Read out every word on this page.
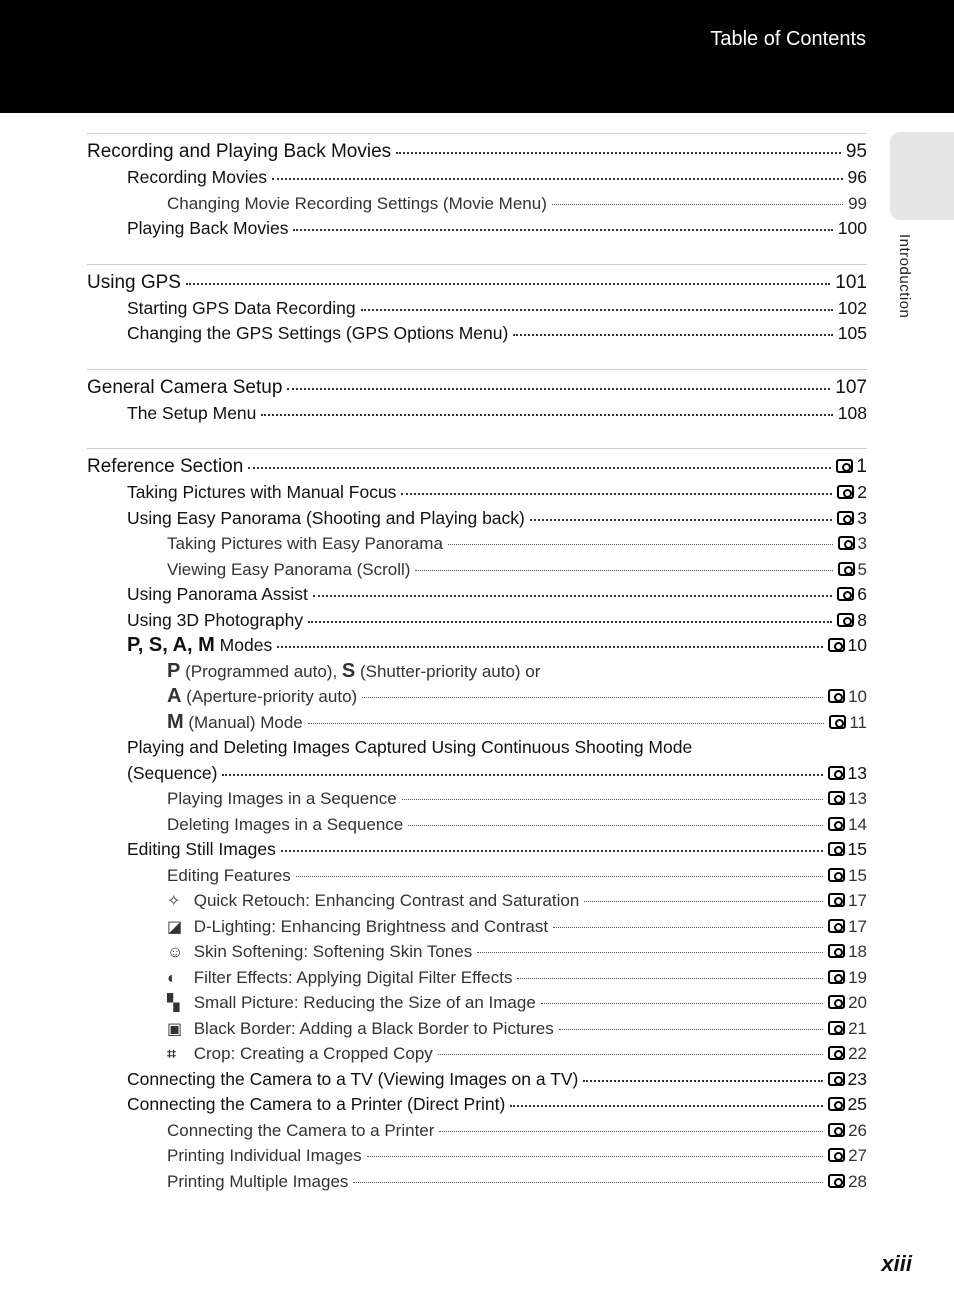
Table of Contents
Introduction
Recording and Playing Back Movies	95
Recording Movies	96
Changing Movie Recording Settings (Movie Menu)	99
Playing Back Movies	100
Using GPS	101
Starting GPS Data Recording	102
Changing the GPS Settings (GPS Options Menu)	105
General Camera Setup	107
The Setup Menu	108
Reference Section	1
Taking Pictures with Manual Focus	2
Using Easy Panorama (Shooting and Playing back)	3
Taking Pictures with Easy Panorama	3
Viewing Easy Panorama (Scroll)	5
Using Panorama Assist	6
Using 3D Photography	8
P, S, A, M Modes	10
P (Programmed auto), S (Shutter-priority auto) or
A (Aperture-priority auto)	10
M (Manual) Mode	11
Playing and Deleting Images Captured Using Continuous Shooting Mode
(Sequence)	13
Playing Images in a Sequence	13
Deleting Images in a Sequence	14
Editing Still Images	15
Editing Features	15
✧ Quick Retouch: Enhancing Contrast and Saturation	17
◪ D-Lighting: Enhancing Brightness and Contrast	17
☺ Skin Softening: Softening Skin Tones	18
◐ Filter Effects: Applying Digital Filter Effects	19
▚ Small Picture: Reducing the Size of an Image	20
▣ Black Border: Adding a Black Border to Pictures	21
⌗ Crop: Creating a Cropped Copy	22
Connecting the Camera to a TV (Viewing Images on a TV)	23
Connecting the Camera to a Printer (Direct Print)	25
Connecting the Camera to a Printer	26
Printing Individual Images	27
Printing Multiple Images	28
xiii
